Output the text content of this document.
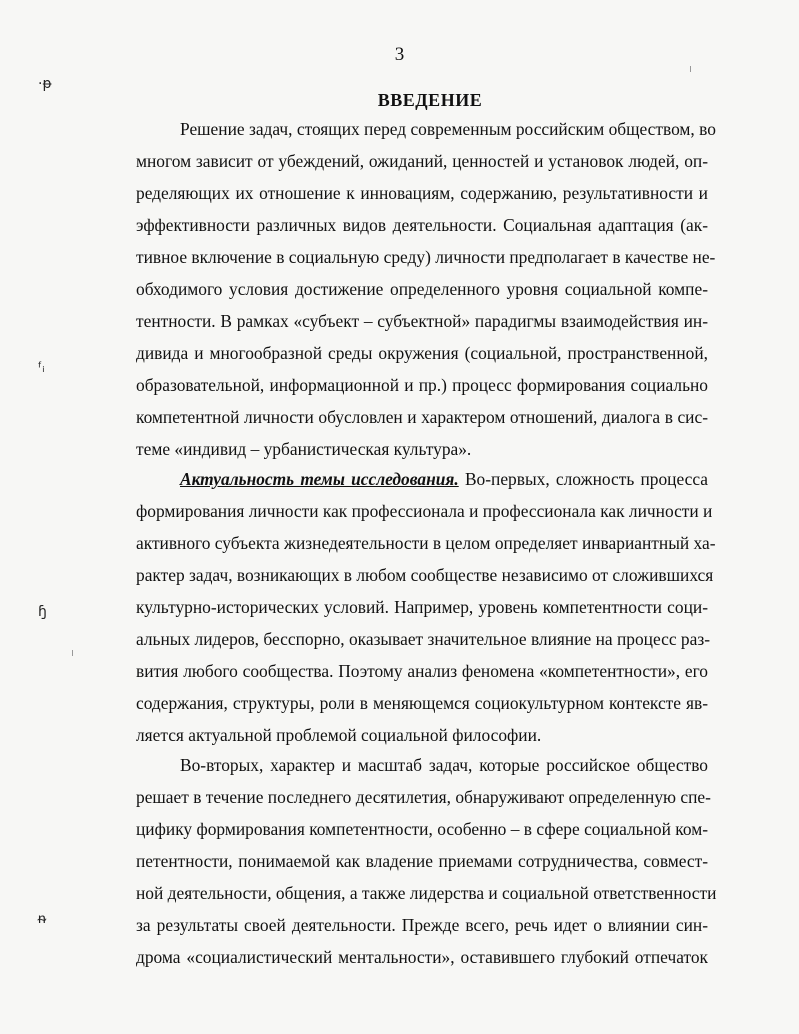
3
ВВЕДЕНИЕ
·ᵽ
ᶠᵢ
ɧ
ᵰ
Решение задач, стоящих перед современным российским обществом, во
многом зависит от убеждений, ожиданий, ценностей и установок людей, оп-
ределяющих их отношение к инновациям, содержанию, результативности и
эффективности различных видов деятельности. Социальная адаптация (ак-
тивное включение в социальную среду) личности предполагает в качестве не-
обходимого условия достижение определенного уровня социальной компе-
тентности. В рамках «субъект – субъектной» парадигмы взаимодействия ин-
дивида и многообразной среды окружения (социальной, пространственной,
образовательной, информационной и пр.) процесс формирования социально
компетентной личности обусловлен и характером отношений, диалога в сис-
теме «индивид – урбанистическая культура».
Актуальность темы исследования. Во-первых, сложность процесса
формирования личности как профессионала и профессионала как личности и
активного субъекта жизнедеятельности в целом определяет инвариантный ха-
рактер задач, возникающих в любом сообществе независимо от сложившихся
культурно-исторических условий. Например, уровень компетентности соци-
альных лидеров, бесспорно, оказывает значительное влияние на процесс раз-
вития любого сообщества. Поэтому анализ феномена «компетентности», его
содержания, структуры, роли в меняющемся социокультурном контексте яв-
ляется актуальной проблемой социальной философии.
Во-вторых, характер и масштаб задач, которые российское общество
решает в течение последнего десятилетия, обнаруживают определенную спе-
цифику формирования компетентности, особенно – в сфере социальной ком-
петентности, понимаемой как владение приемами сотрудничества, совмест-
ной деятельности, общения, а также лидерства и социальной ответственности
за результаты своей деятельности. Прежде всего, речь идет о влиянии син-
дрома «социалистический ментальности», оставившего глубокий отпечаток
